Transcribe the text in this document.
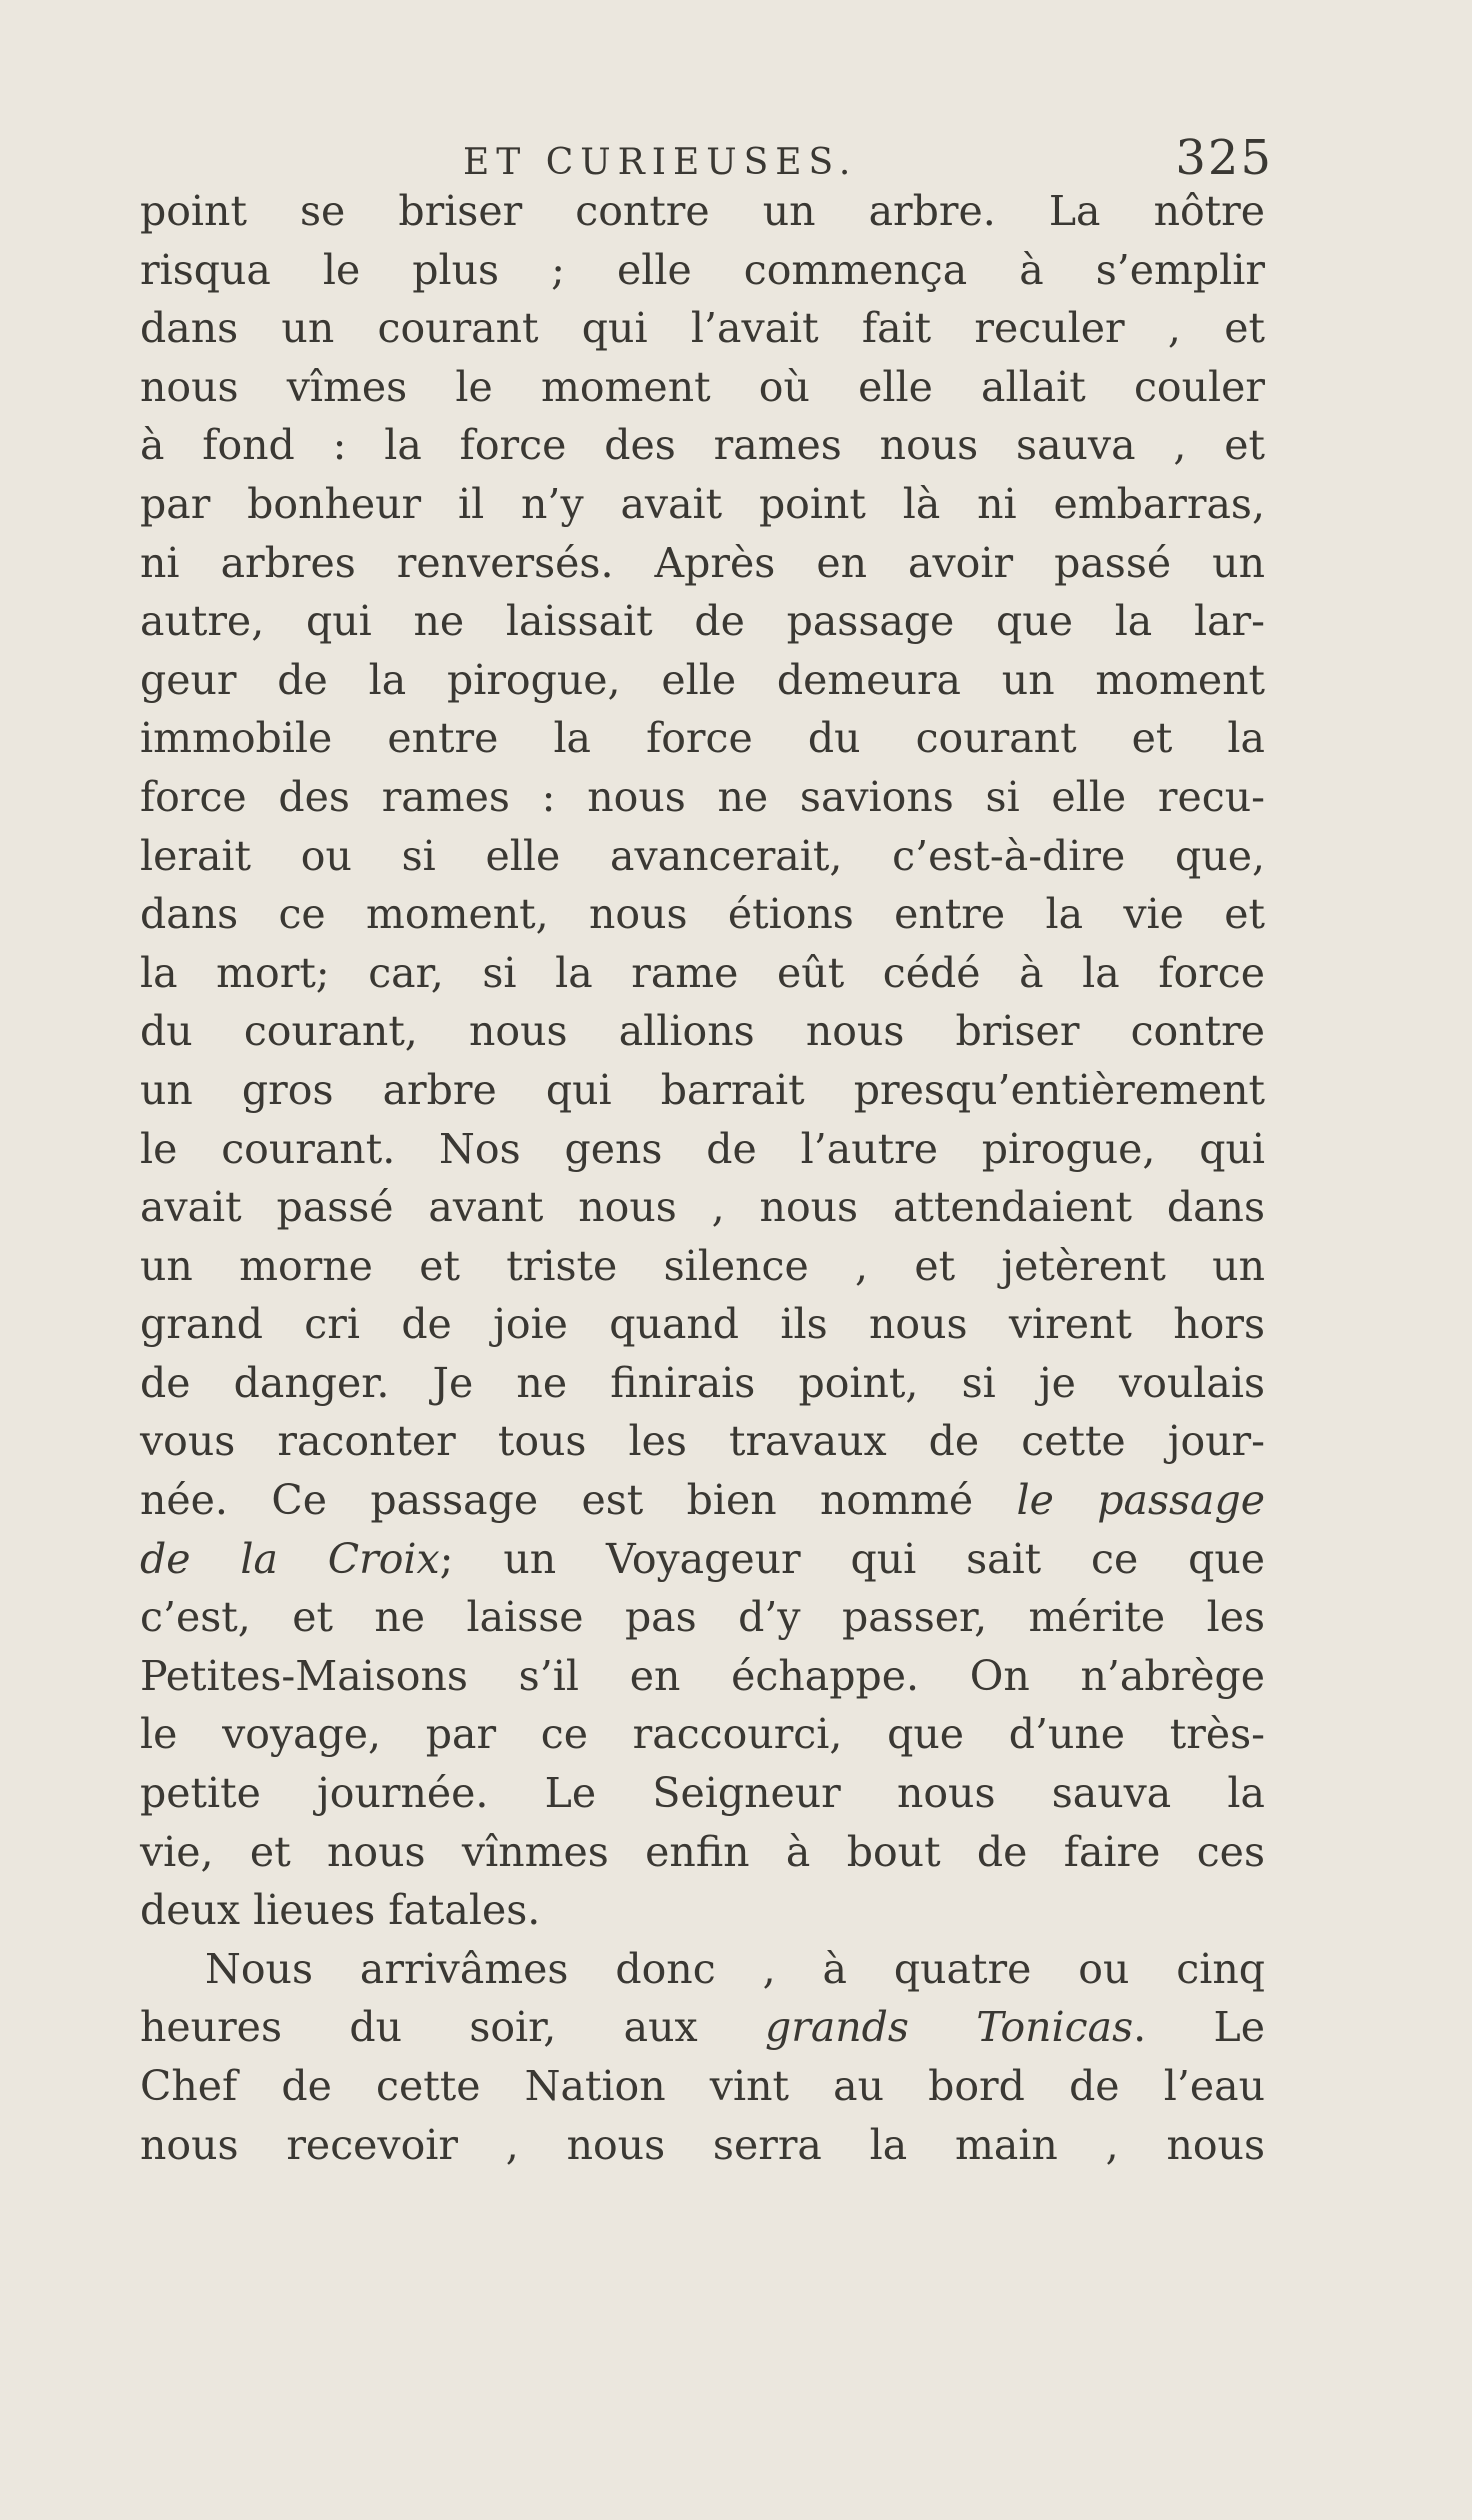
ET CURIEUSES.	325
point se briser contre un arbre. La nôtre
risqua le plus ; elle commença à s’emplir
dans un courant qui l’avait fait reculer , et
nous vîmes le moment où elle allait couler
à fond : la force des rames nous sauva , et
par bonheur il n’y avait point là ni embarras,
ni arbres renversés. Après en avoir passé un
autre, qui ne laissait de passage que la lar-
geur de la pirogue, elle demeura un moment
immobile entre la force du courant et la
force des rames : nous ne savions si elle recu-
lerait ou si elle avancerait, c’est-à-dire que,
dans ce moment, nous étions entre la vie et
la mort; car, si la rame eût cédé à la force
du courant, nous allions nous briser contre
un gros arbre qui barrait presqu’entièrement
le courant. Nos gens de l’autre pirogue, qui
avait passé avant nous , nous attendaient dans
un morne et triste silence , et jetèrent un
grand cri de joie quand ils nous virent hors
de danger. Je ne finirais point, si je voulais
vous raconter tous les travaux de cette jour-
née. Ce passage est bien nommé le passage
de la Croix; un Voyageur qui sait ce que
c’est, et ne laisse pas d’y passer, mérite les
Petites-Maisons s’il en échappe. On n’abrège
le voyage, par ce raccourci, que d’une très-
petite journée. Le Seigneur nous sauva la
vie, et nous vînmes enfin à bout de faire ces
deux lieues fatales.
Nous arrivâmes donc , à quatre ou cinq
heures du soir, aux grands Tonicas. Le
Chef de cette Nation vint au bord de l’eau
nous recevoir , nous serra la main , nous
